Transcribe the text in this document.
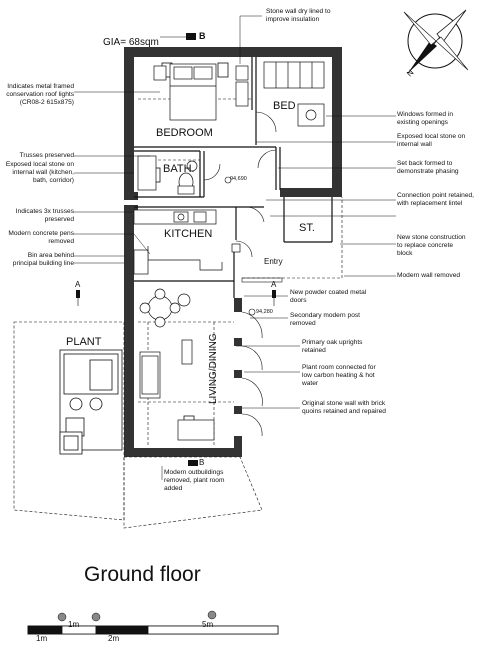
N
GIA= 68sqm
B
BEDROOM
BED
BATH.
KITCHEN	ST.
Entry
LIVING/DINING
PLANT
94,690
94,280
A	A
B
Stone wall dry lined to improve insulation
Indicates metal framed conservation roof lights (CR08-2 615x875)
Trusses preserved
Exposed local stone on internal wall (kitchen, bath, corridor)
Indicates 3x trusses preserved
Modern concrete pens removed
Bin area behind principal building line
Windows formed in existing openings
Exposed local stone on internal wall
Set back formed to demonstrate phasing
Connection point retained, with replacement lintel
New stone construction to replace concrete block
Modern wall removed
New powder coated metal doors
Secondary modern post removed
Primary oak uprights retained
Plant room connected for low carbon heating & hot water
Original stone wall with brick quoins retained and repaired
Modern outbuildings removed, plant room added
Ground floor
1m
1m
2m
5m
